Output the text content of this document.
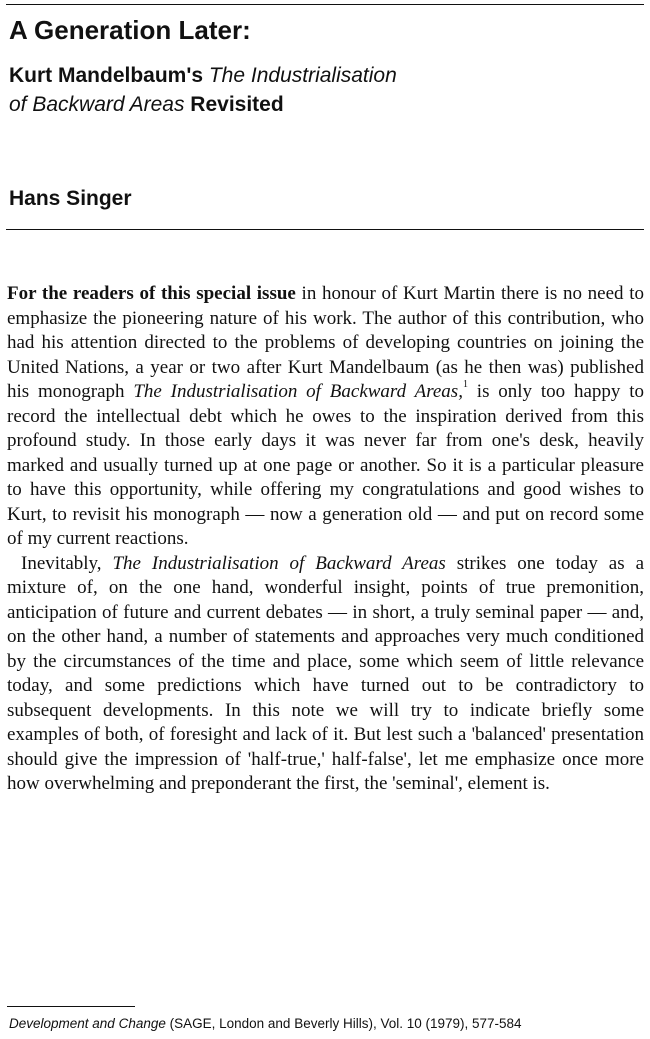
A Generation Later:
Kurt Mandelbaum's The Industrialisation
of Backward Areas Revisited
Hans Singer

For the readers of this special issue in honour of Kurt Martin there is no need to emphasize the pioneering nature of his work. The author of this contribution, who had his attention directed to the problems of developing countries on joining the United Nations, a year or two after Kurt Mandelbaum (as he then was) published his monograph The Industrialisation of Backward Areas,$^1$ is only too happy to record the intellectual debt which he owes to the inspiration derived from this profound study. In those early days it was never far from one's desk, heavily marked and usually turned up at one page or another. So it is a particular pleasure to have this opportunity, while offering my congratulations and good wishes to Kurt, to revisit his monograph — now a generation old — and put on record some of my current reactions.

Inevitably, The Industrialisation of Backward Areas strikes one today as a mixture of, on the one hand, wonderful insight, points of true premonition, anticipation of future and current debates — in short, a truly seminal paper — and, on the other hand, a number of statements and approaches very much conditioned by the circumstances of the time and place, some which seem of little relevance today, and some predictions which have turned out to be contradictory to subsequent developments. In this note we will try to indicate briefly some examples of both, of foresight and lack of it. But lest such a 'balanced' presentation should give the impression of 'half-true,' half-false', let me emphasize once more how overwhelming and preponderant the first, the 'seminal', element is.

Development and Change (SAGE, London and Beverly Hills), Vol. 10 (1979), 577-584
